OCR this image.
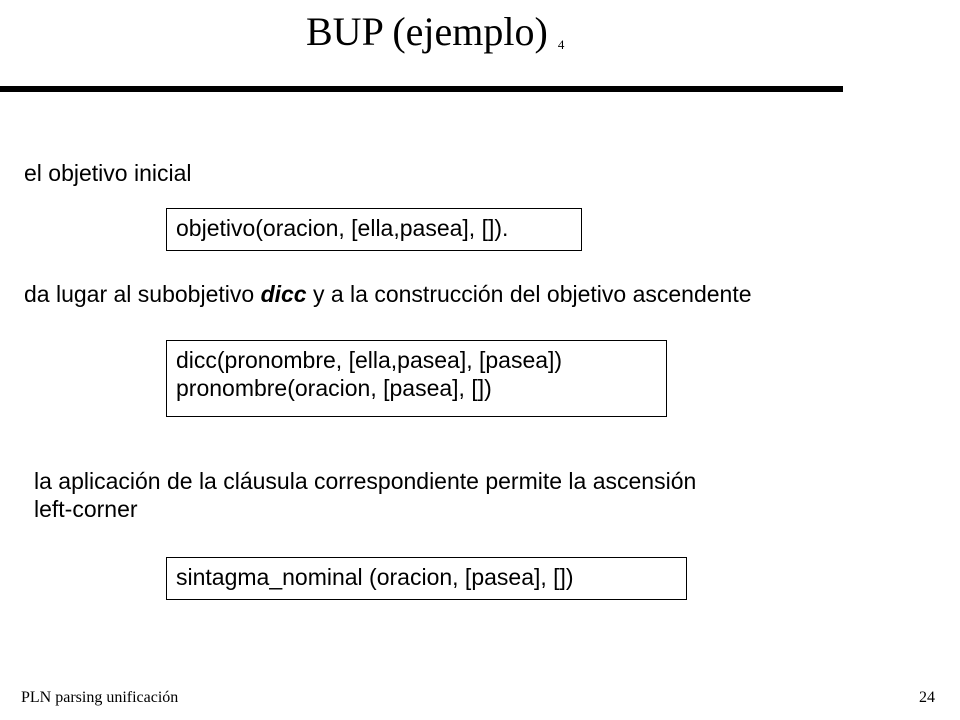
BUP (ejemplo) $_4$
el objetivo inicial
objetivo(oracion, [ella,pasea], []).
da lugar al subobjetivo dicc y a la construcción del objetivo ascendente
dicc(pronombre, [ella,pasea], [pasea])
pronombre(oracion, [pasea], [])
la aplicación de la cláusula correspondiente permite la ascensión
left-corner
sintagma_nominal (oracion, [pasea], [])
PLN parsing unificación	24
